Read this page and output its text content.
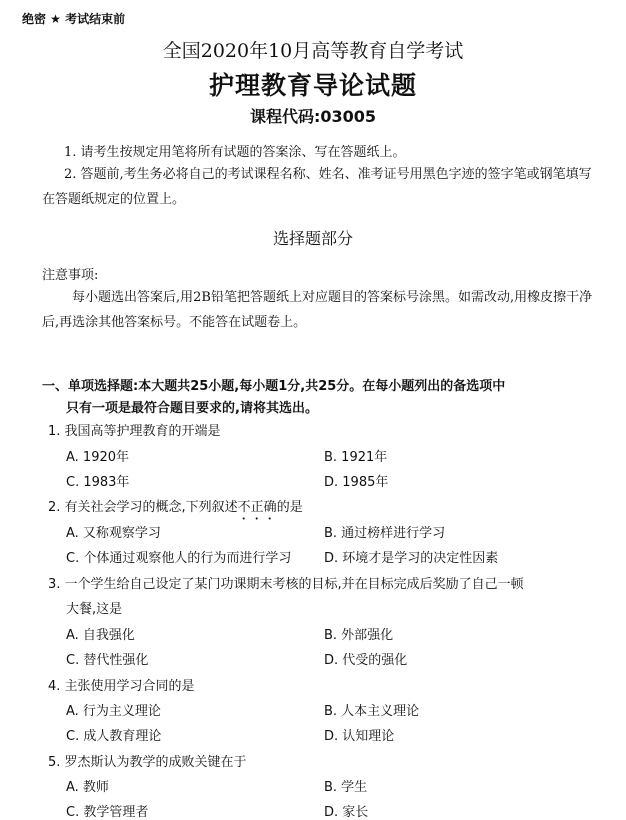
绝密 ★ 考试结束前
全国2020年10月高等教育自学考试
护理教育导论试题
课程代码:03005
1. 请考生按规定用笔将所有试题的答案涂、写在答题纸上。
2. 答题前,考生务必将自己的考试课程名称、姓名、准考证号用黑色字迹的签字笔或钢笔填写在答题纸规定的位置上。
选择题部分
注意事项:
每小题选出答案后,用2B铅笔把答题纸上对应题目的答案标号涂黑。如需改动,用橡皮擦干净后,再选涂其他答案标号。不能答在试题卷上。
一、单项选择题:本大题共25小题,每小题1分,共25分。在每小题列出的备选项中
只有一项是最符合题目要求的,请将其选出。
1. 我国高等护理教育的开端是
A. 1920年	B. 1921年
C. 1983年	D. 1985年
2. 有关社会学习的概念,下列叙述不正确的是
A. 又称观察学习	B. 通过榜样进行学习
C. 个体通过观察他人的行为而进行学习	D. 环境才是学习的决定性因素
3. 一个学生给自己设定了某门功课期末考核的目标,并在目标完成后奖励了自己一顿
大餐,这是
A. 自我强化	B. 外部强化
C. 替代性强化	D. 代受的强化
4. 主张使用学习合同的是
A. 行为主义理论	B. 人本主义理论
C. 成人教育理论	D. 认知理论
5. 罗杰斯认为教学的成败关键在于
A. 教师	B. 学生
C. 教学管理者	D. 家长
